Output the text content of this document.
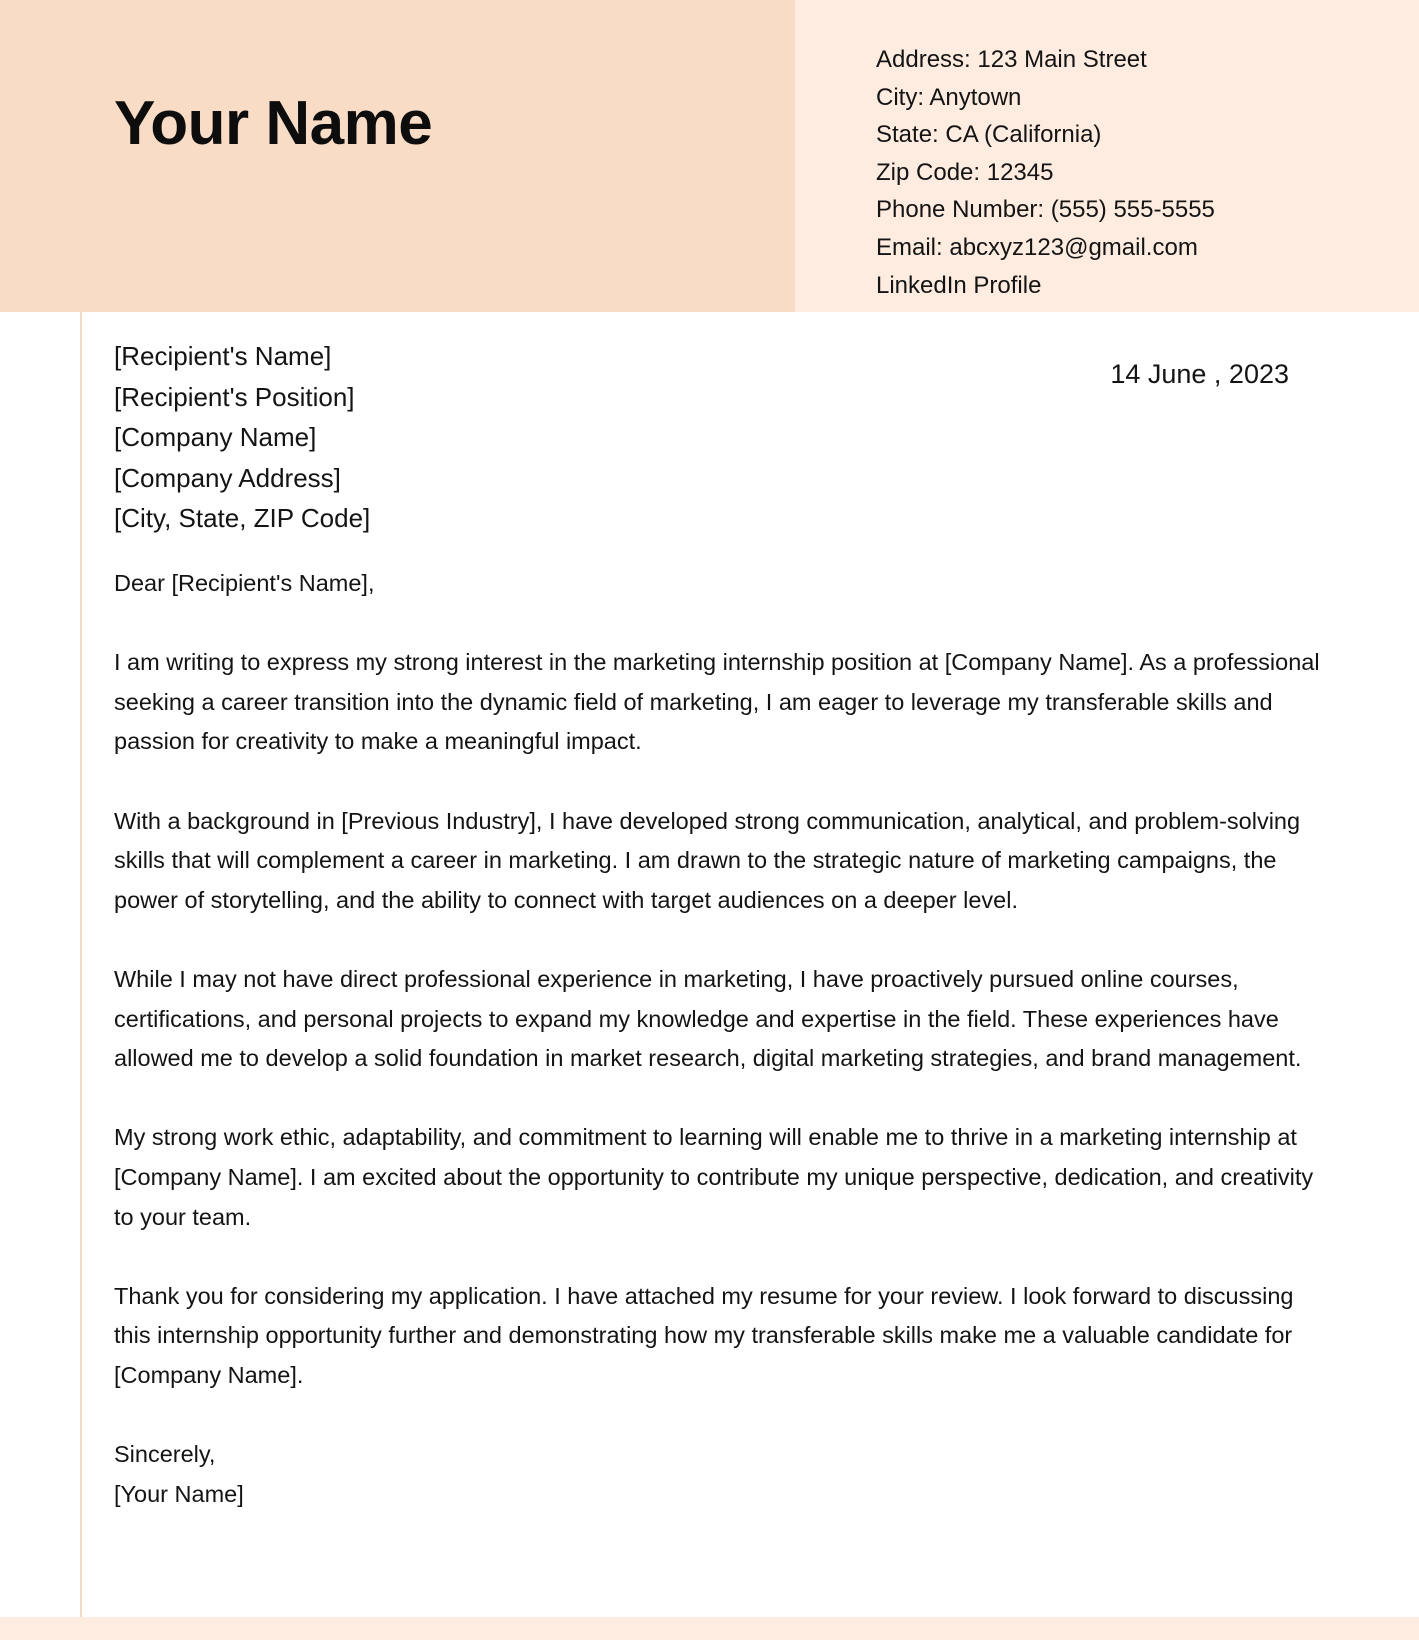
Your Name
Address: 123 Main Street
City: Anytown
State: CA (California)
Zip Code: 12345
Phone Number: (555) 555-5555
Email: abcxyz123@gmail.com
LinkedIn Profile
[Recipient's Name]
[Recipient's Position]
[Company Name]
[Company Address]
[City, State, ZIP Code]
14 June , 2023

Dear [Recipient's Name],

I am writing to express my strong interest in the marketing internship position at [Company Name]. As a professional seeking a career transition into the dynamic field of marketing, I am eager to leverage my transferable skills and passion for creativity to make a meaningful impact.

With a background in [Previous Industry], I have developed strong communication, analytical, and problem-solving skills that will complement a career in marketing. I am drawn to the strategic nature of marketing campaigns, the power of storytelling, and the ability to connect with target audiences on a deeper level.

While I may not have direct professional experience in marketing, I have proactively pursued online courses, certifications, and personal projects to expand my knowledge and expertise in the field. These experiences have allowed me to develop a solid foundation in market research, digital marketing strategies, and brand management.

My strong work ethic, adaptability, and commitment to learning will enable me to thrive in a marketing internship at [Company Name]. I am excited about the opportunity to contribute my unique perspective, dedication, and creativity to your team.

Thank you for considering my application. I have attached my resume for your review. I look forward to discussing this internship opportunity further and demonstrating how my transferable skills make me a valuable candidate for [Company Name].

Sincerely,
[Your Name]
